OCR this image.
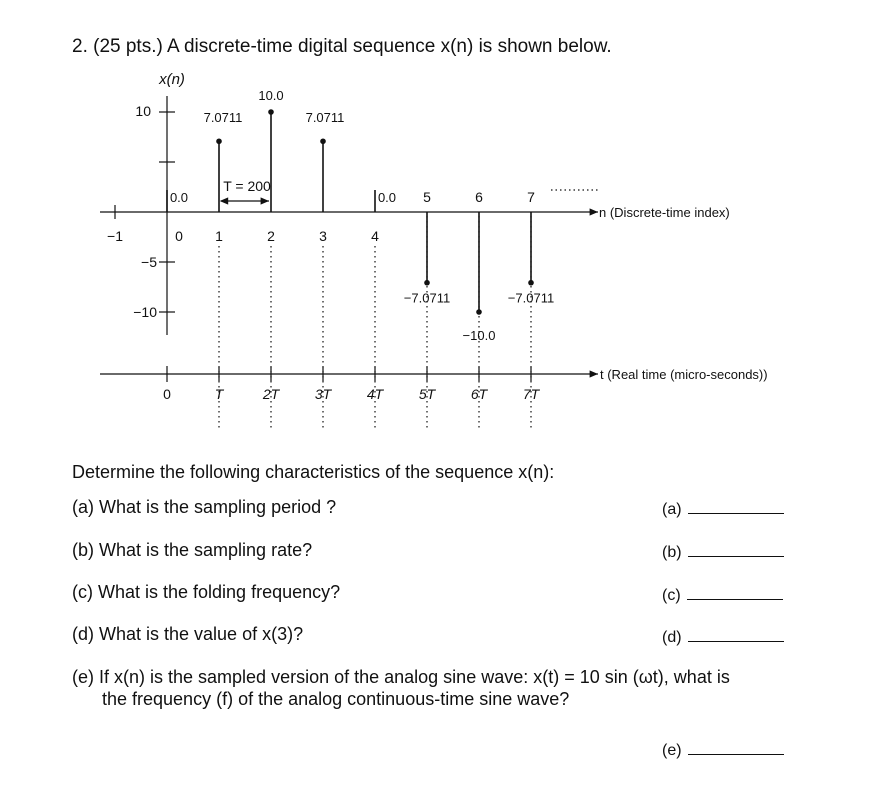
2. (25 pts.) A discrete-time digital sequence x(n) is shown below.
10
−5
−10
x(n)
−1	0 1	2	3	4
n (Discrete-time index)
t (Real time (micro-seconds))
0	T	2T	3T	4T	5T	6T	7T
0.0
7.0711
10.0
7.0711
0.0
−7.0711
5
−10.0
6
−7.0711
7
T = 200
Determine the following characteristics of the sequence x(n):
(a) What is the sampling period ?	(a)
(b) What is the sampling rate?	(b)
(c) What is the folding frequency?	(c)
(d) What is the value of x(3)?	(d)
(e) If x(n) is the sampled version of the analog sine wave: x(t) = 10 sin (ωt), what is
the frequency (f) of the analog continuous-time sine wave?
(e)
